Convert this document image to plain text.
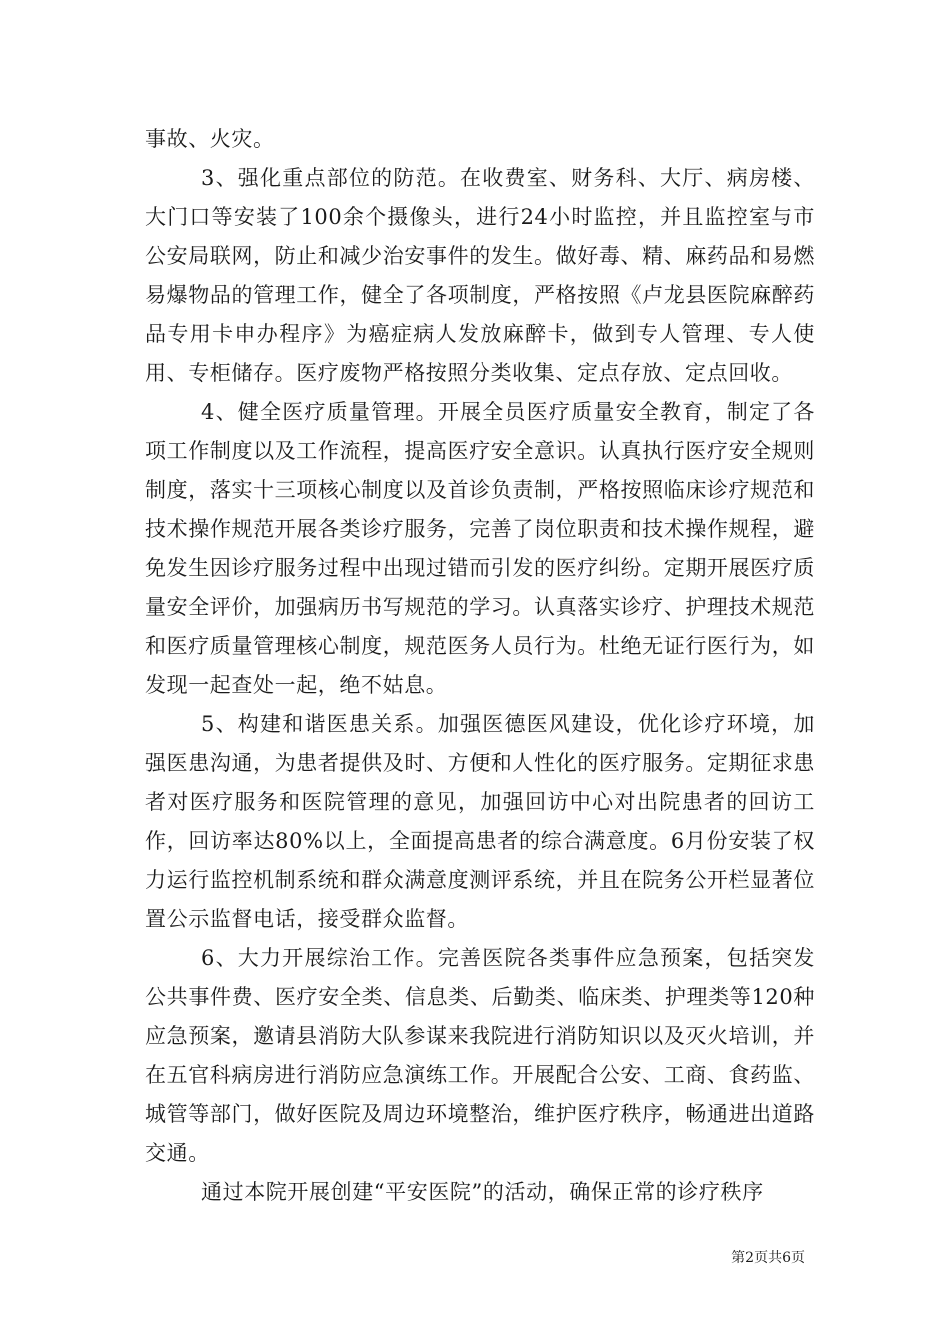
事故、火灾。

3、强化重点部位的防范。在收费室、财务科、大厅、病房楼、大门口等安装了100余个摄像头，进行24小时监控，并且监控室与市公安局联网，防止和减少治安事件的发生。做好毒、精、麻药品和易燃易爆物品的管理工作，健全了各项制度，严格按照《卢龙县医院麻醉药品专用卡申办程序》为癌症病人发放麻醉卡，做到专人管理、专人使用、专柜储存。医疗废物严格按照分类收集、定点存放、定点回收。

4、健全医疗质量管理。开展全员医疗质量安全教育，制定了各项工作制度以及工作流程，提高医疗安全意识。认真执行医疗安全规则制度，落实十三项核心制度以及首诊负责制，严格按照临床诊疗规范和技术操作规范开展各类诊疗服务，完善了岗位职责和技术操作规程，避免发生因诊疗服务过程中出现过错而引发的医疗纠纷。定期开展医疗质量安全评价，加强病历书写规范的学习。认真落实诊疗、护理技术规范和医疗质量管理核心制度，规范医务人员行为。杜绝无证行医行为，如发现一起查处一起，绝不姑息。

5、构建和谐医患关系。加强医德医风建设，优化诊疗环境，加强医患沟通，为患者提供及时、方便和人性化的医疗服务。定期征求患者对医疗服务和医院管理的意见，加强回访中心对出院患者的回访工作，回访率达80%以上，全面提高患者的综合满意度。6月份安装了权力运行监控机制系统和群众满意度测评系统，并且在院务公开栏显著位置公示监督电话，接受群众监督。

6、大力开展综治工作。完善医院各类事件应急预案，包括突发公共事件费、医疗安全类、信息类、后勤类、临床类、护理类等120种应急预案，邀请县消防大队参谋来我院进行消防知识以及灭火培训，并在五官科病房进行消防应急演练工作。开展配合公安、工商、食药监、城管等部门，做好医院及周边环境整治，维护医疗秩序，畅通进出道路交通。

通过本院开展创建“平安医院”的活动，确保正常的诊疗秩序

第2页共6页
